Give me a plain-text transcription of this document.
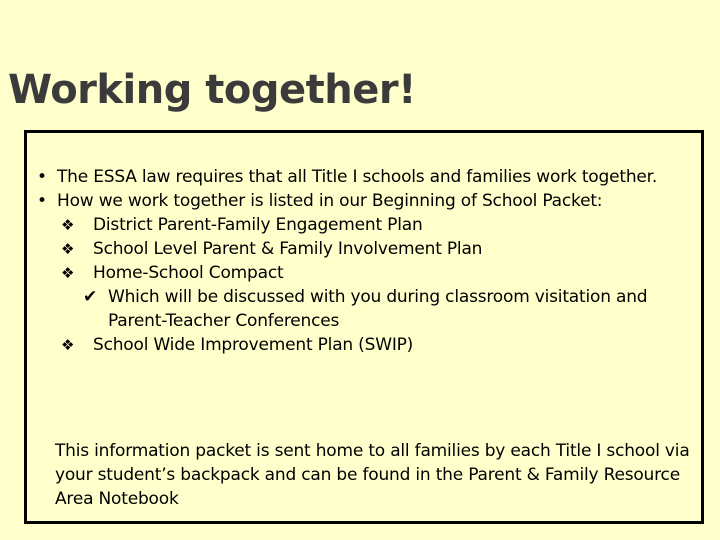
Working together!
• The ESSA law requires that all Title I schools and families work together.
• How we work together is listed in our Beginning of School Packet:
❖ District Parent-Family Engagement Plan
❖ School Level Parent & Family Involvement Plan
❖ Home-School Compact
✔ Which will be discussed with you during classroom visitation and Parent-Teacher Conferences
❖ School Wide Improvement Plan (SWIP)
This information packet is sent home to all families by each Title I school via your student’s backpack and can be found in the Parent & Family Resource Area Notebook
